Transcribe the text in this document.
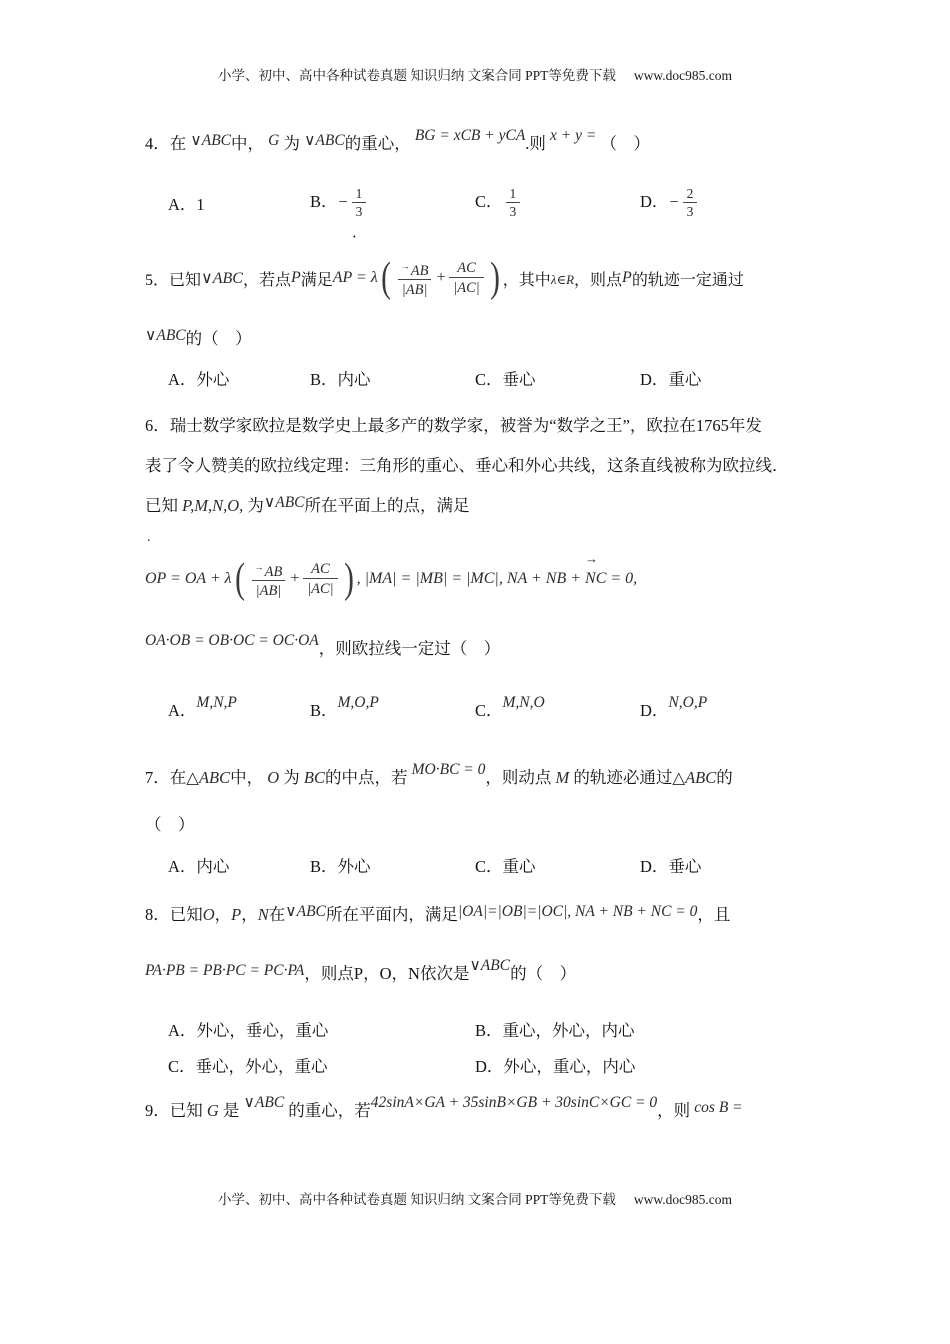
小学、初中、高中各种试卷真题 知识归纳 文案合同 PPT等免费下载 www.doc985.com
4．在 ∨ABC中， G 为 ∨ABC的重心， BG = xCB + yCA.则 x + y = （　）
A．1	B．− $\frac{1}{3}$	C． $\frac{1}{3}$	D．− $\frac{2}{3}$
．
5． 已知 ∨ABC ，若点 P 满足 AP = λ ( $\frac{^\to AB}{|AB|} + \frac{AC}{|AC|}$ ) ，其中 λ∈R ，则点 P 的轨迹一定通过
∨ABC的（　）
A．外心	B．内心	C．垂心	D．重心
6．瑞士数学家欧拉是数学史上最多产的数学家，被誉为“数学之王”，欧拉在1765年发
表了令人赞美的欧拉线定理：三角形的重心、垂心和外心共线，这条直线被称为欧拉线．
已知 P,M,N,O, 为∨ABC所在平面上的点，满足
.
OP = OA + λ ( $\frac{^\to AB}{|AB|} + \frac{AC}{|AC|}$ ) , |MA| = |MB| = |MC|, NA + NB + NC = 0,
→
OA·OB = OB·OC = OC·OA，则欧拉线一定过（　）
A．M,N,P	B．M,O,P	C．M,N,O	D．N,O,P
7．在△ABC中， O 为 BC的中点，若 MO·BC = 0，则动点 M 的轨迹必通过△ABC的
（　）
A．内心	B．外心	C．重心	D．垂心
8．已知O，P，N在∨ABC所在平面内，满足|OA|=|OB|=|OC|, NA + NB + NC = 0，且
PA·PB = PB·PC = PC·PA，则点P，O，N依次是∨ABC的（　）
A．外心，垂心，重心	B．重心，外心，内心
C．垂心，外心，重心	D．外心，重心，内心
9．已知 G 是 ∨ABC 的重心，若42sinA×GA + 35sinB×GB + 30sinC×GC = 0，则 cos B =
小学、初中、高中各种试卷真题 知识归纳 文案合同 PPT等免费下载 www.doc985.com
